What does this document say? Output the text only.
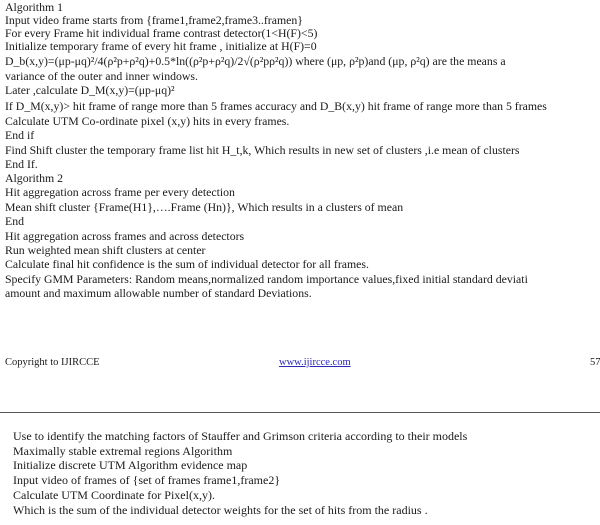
Algorithm 1
Input video frame starts from {frame1,frame2,frame3..framen}
For every Frame hit individual frame contrast detector(1<H(F)<5)
Initialize temporary frame of every hit frame , initialize at H(F)=0
D_b(x,y)=(μp-μq)²/4(ρ²p+ρ²q)+0.5*ln((ρ²p+ρ²q)/2√(ρ²pρ²q)) where (μp, ρ²p)and (μp, ρ²q) are the means a
variance of the outer and inner windows.
Later ,calculate D_M(x,y)=(μp-μq)²
If D_M(x,y)> hit frame of range more than 5 frames accuracy and D_B(x,y) hit frame of range more than 5 frames
Calculate UTM Co-ordinate pixel (x,y) hits in every frames.
End if
Find Shift cluster the temporary frame list hit H_t,k, Which results in new set of clusters ,i.e mean of clusters
End If.
Algorithm 2
Hit aggregation across frame per every detection
Mean shift cluster {Frame(H1},….Frame (Hn)}, Which results in a clusters of mean
End
Hit aggregation across frames and across detectors
Run weighted mean shift clusters at center
Calculate final hit confidence is the sum of individual detector for all frames.
Specify GMM Parameters: Random means,normalized random importance values,fixed initial standard deviati
amount and maximum allowable number of standard Deviations.
Copyright to IJIRCCE	www.ijircce.com	57
Use to identify the matching factors of Stauffer and Grimson criteria according to their models
Maximally stable extremal regions Algorithm
Initialize discrete UTM Algorithm evidence map
Input video of frames of {set of frames frame1,frame2}
Calculate UTM Coordinate for Pixel(x,y).
Which is the sum of the individual detector weights for the set of hits from the radius .
